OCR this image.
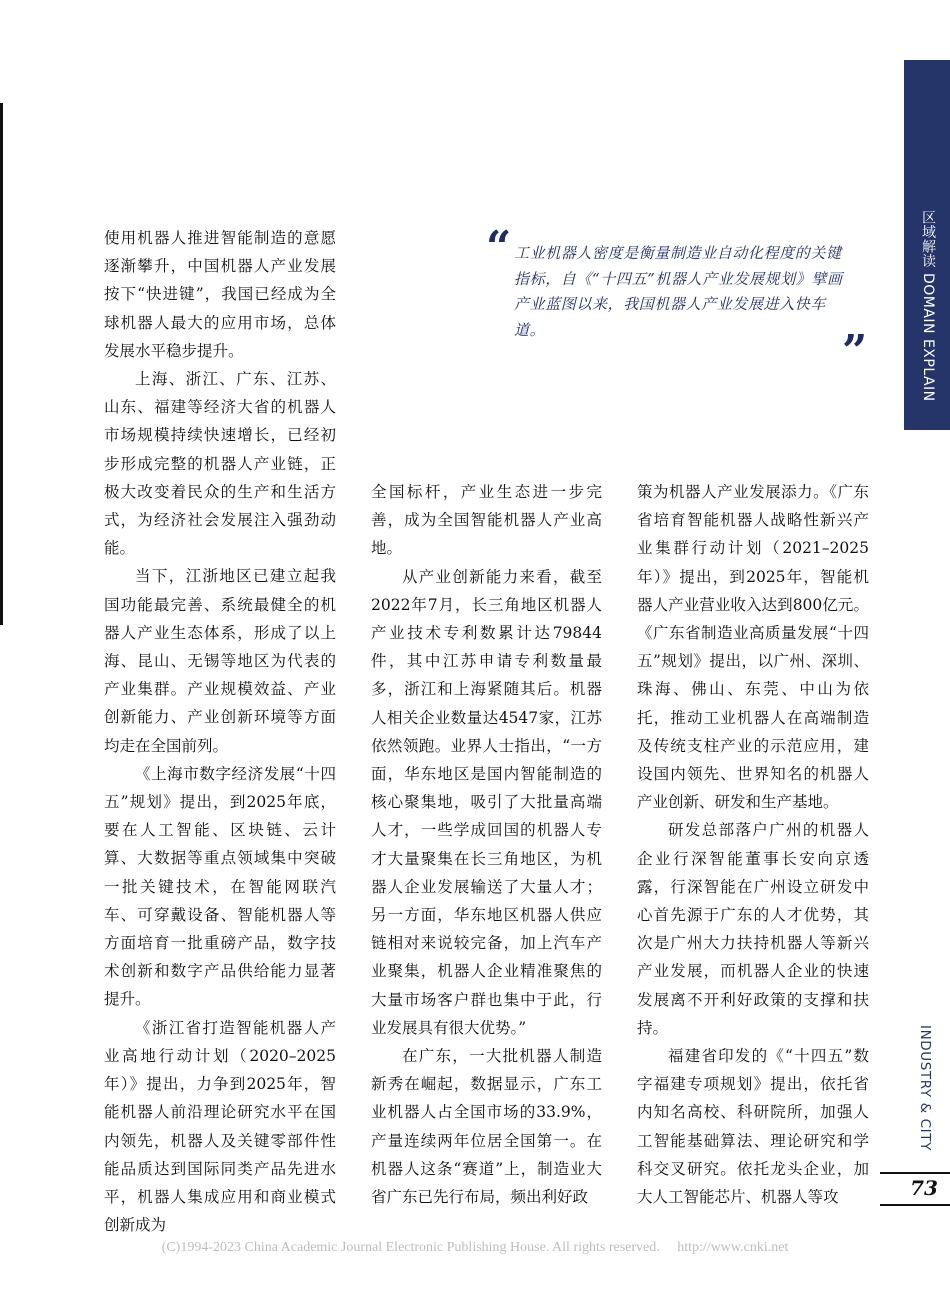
“ 工业机器人密度是衡量制造业自动化程度的关键指标，自《“十四五”机器人产业发展规划》擘画产业蓝图以来，我国机器人产业发展进入快车道。	”

使用机器人推进智能制造的意愿逐渐攀升，中国机器人产业发展按下“快进键”，我国已经成为全球机器人最大的应用市场，总体发展水平稳步提升。

上海、浙江、广东、江苏、山东、福建等经济大省的机器人市场规模持续快速增长，已经初步形成完整的机器人产业链，正极大改变着民众的生产和生活方式，为经济社会发展注入强劲动能。

当下，江浙地区已建立起我国功能最完善、系统最健全的机器人产业生态体系，形成了以上海、昆山、无锡等地区为代表的产业集群。产业规模效益、产业创新能力、产业创新环境等方面均走在全国前列。

《上海市数字经济发展“十四五”规划》提出，到2025年底，要在人工智能、区块链、云计算、大数据等重点领域集中突破一批关键技术，在智能网联汽车、可穿戴设备、智能机器人等方面培育一批重磅产品，数字技术创新和数字产品供给能力显著提升。

《浙江省打造智能机器人产业高地行动计划（2020–2025年）》提出，力争到2025年，智能机器人前沿理论研究水平在国内领先，机器人及关键零部件性能品质达到国际同类产品先进水平，机器人集成应用和商业模式创新成为

全国标杆，产业生态进一步完善，成为全国智能机器人产业高地。

从产业创新能力来看，截至2022年7月，长三角地区机器人产业技术专利数累计达79844件，其中江苏申请专利数量最多，浙江和上海紧随其后。机器人相关企业数量达4547家，江苏依然领跑。业界人士指出，“一方面，华东地区是国内智能制造的核心聚集地，吸引了大批量高端人才，一些学成回国的机器人专才大量聚集在长三角地区，为机器人企业发展输送了大量人才；另一方面，华东地区机器人供应链相对来说较完备，加上汽车产业聚集，机器人企业精准聚焦的大量市场客户群也集中于此，行业发展具有很大优势。”

在广东，一大批机器人制造新秀在崛起，数据显示，广东工业机器人占全国市场的33.9%，产量连续两年位居全国第一。在机器人这条“赛道”上，制造业大省广东已先行布局，频出利好政

策为机器人产业发展添力。《广东省培育智能机器人战略性新兴产业集群行动计划（2021–2025年）》提出，到2025年，智能机器人产业营业收入达到800亿元。《广东省制造业高质量发展“十四五”规划》提出，以广州、深圳、珠海、佛山、东莞、中山为依托，推动工业机器人在高端制造及传统支柱产业的示范应用，建设国内领先、世界知名的机器人产业创新、研发和生产基地。

研发总部落户广州的机器人企业行深智能董事长安向京透露，行深智能在广州设立研发中心首先源于广东的人才优势，其次是广州大力扶持机器人等新兴产业发展，而机器人企业的快速发展离不开利好政策的支撑和扶持。

福建省印发的《“十四五”数字福建专项规划》提出，依托省内知名高校、科研院所，加强人工智能基础算法、理论研究和学科交叉研究。依托龙头企业，加大人工智能芯片、机器人等攻

区域解读 DOMAIN EXPLAIN
INDUSTRY & CITY
73
(C)1994-2023 China Academic Journal Electronic Publishing House. All rights reserved. http://www.cnki.net
